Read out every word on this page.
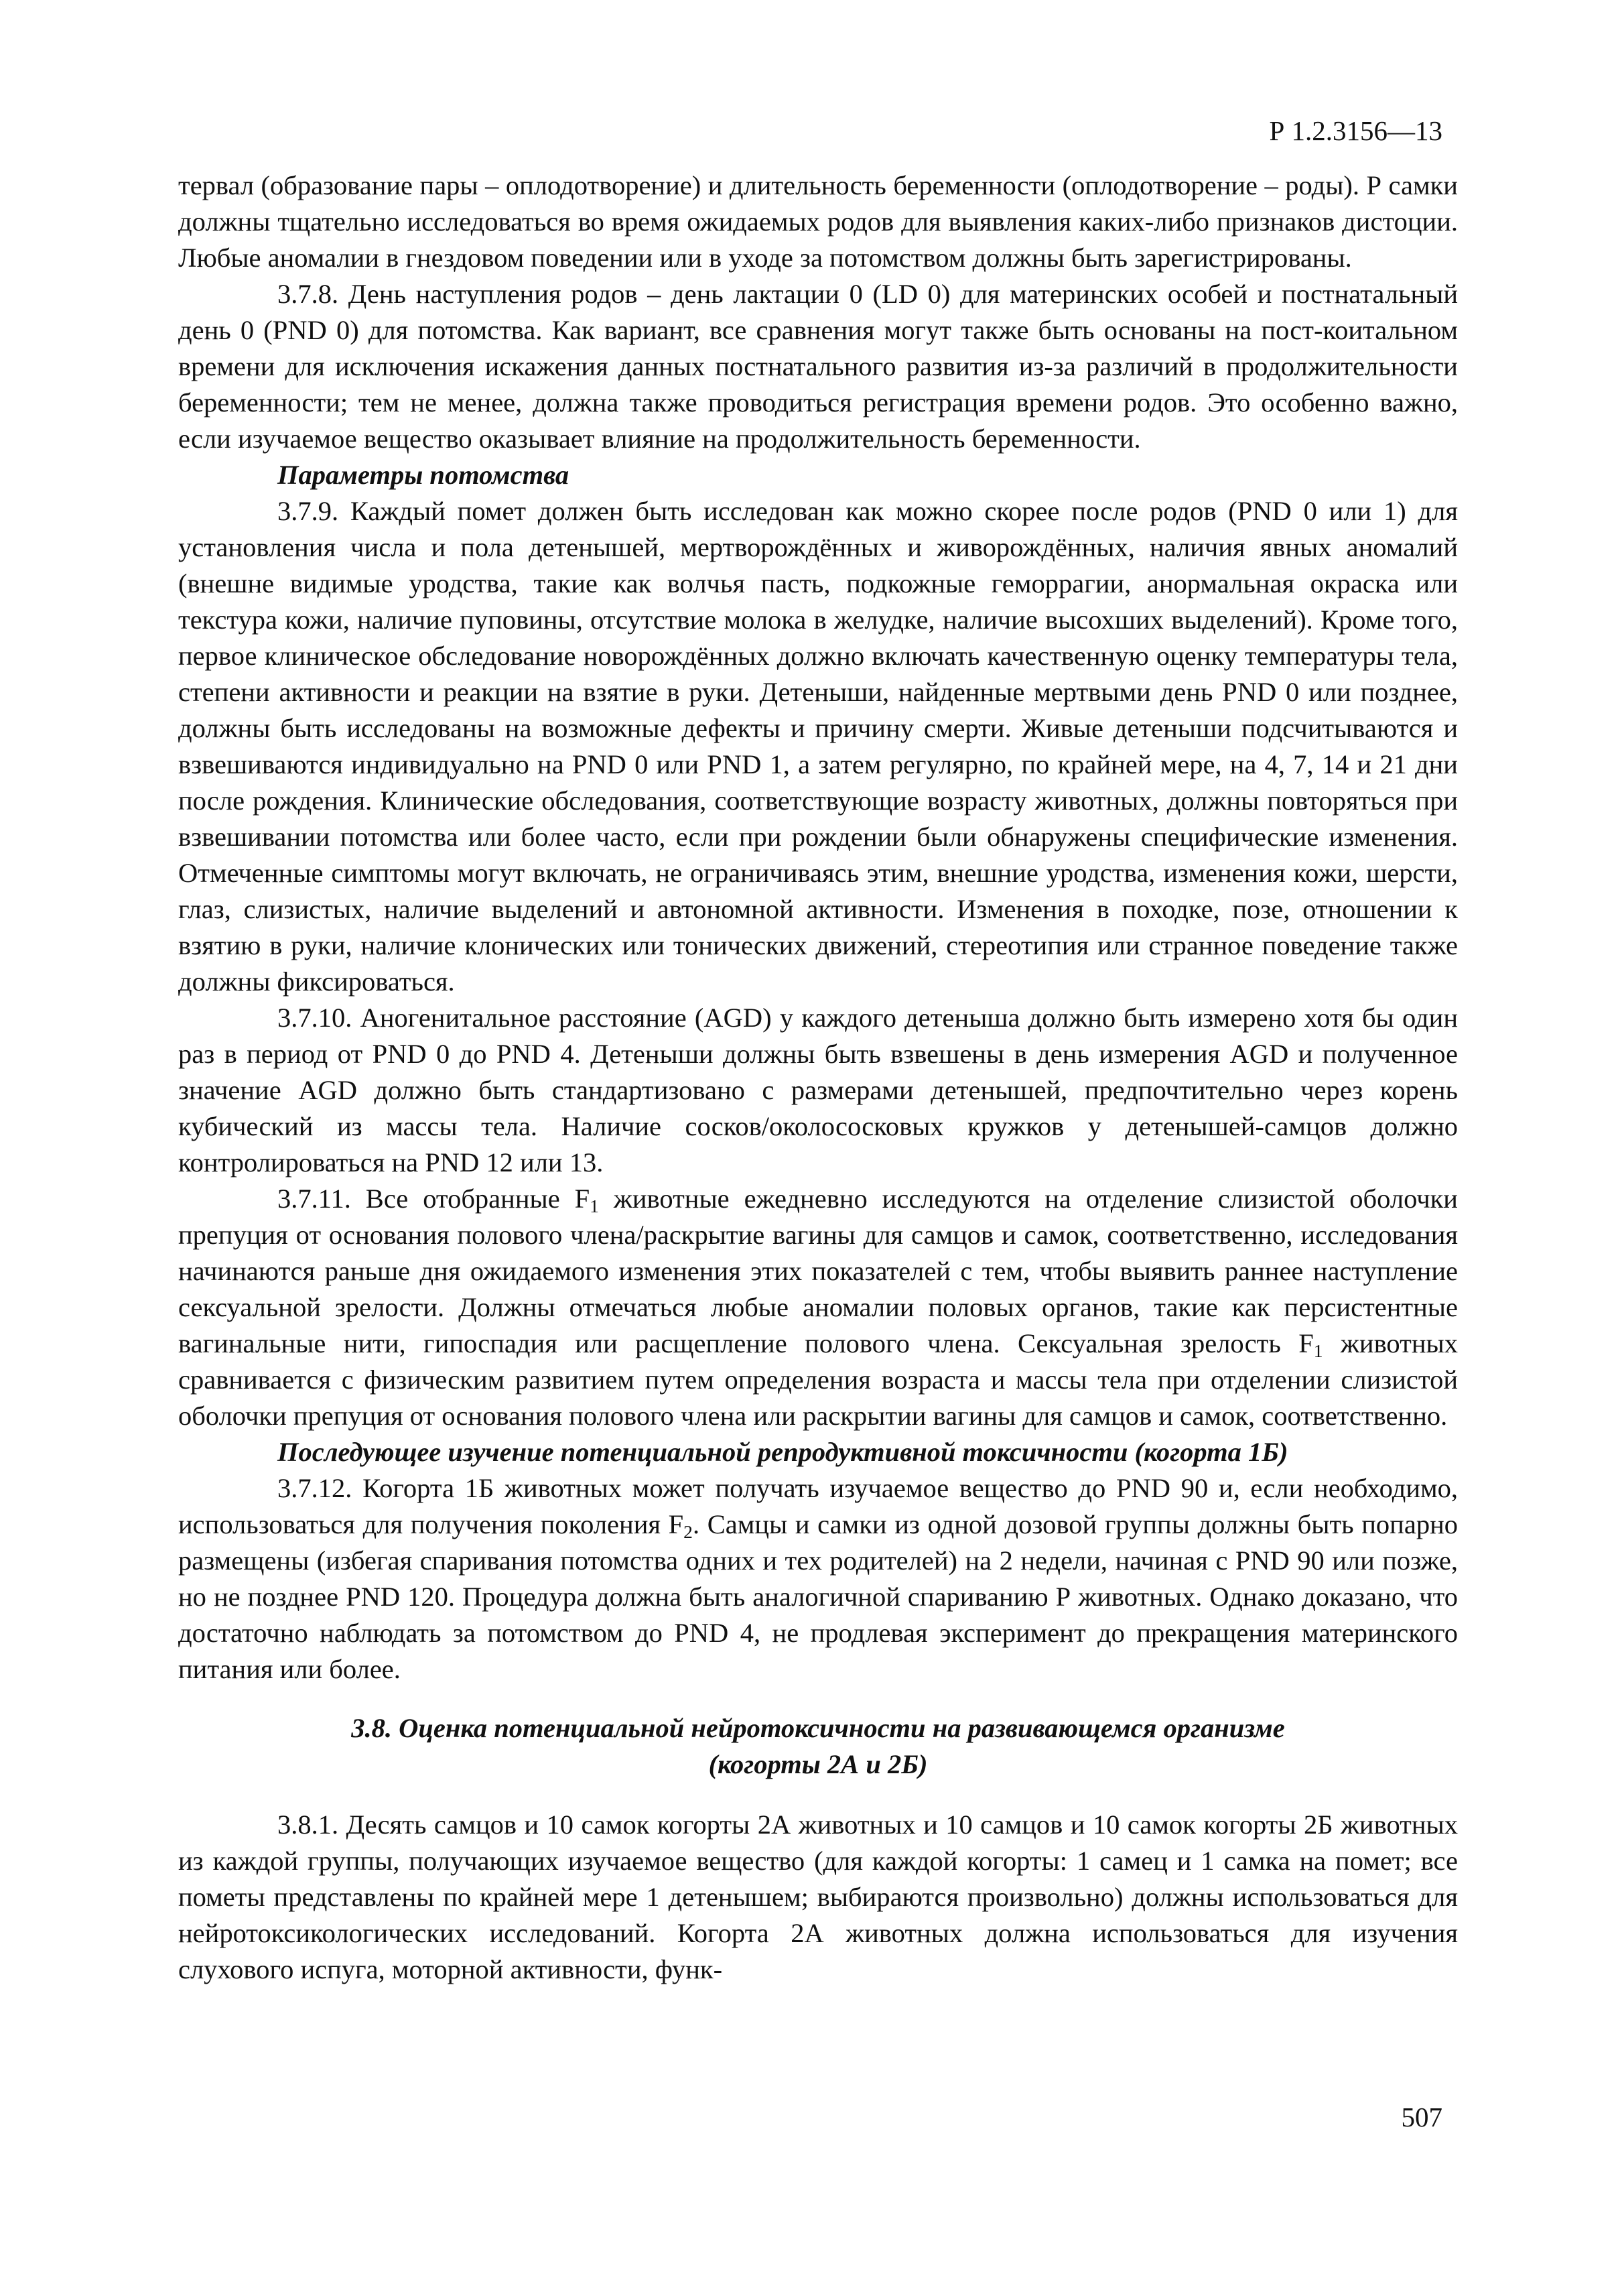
Р 1.2.3156—13

тервал (образование пары – оплодотворение) и длительность беременности (оплодотворение – роды). Р самки должны тщательно исследоваться во время ожидаемых родов для выявления каких-либо признаков дистоции. Любые аномалии в гнездовом поведении или в уходе за потомством должны быть зарегистрированы.

3.7.8. День наступления родов – день лактации 0 (LD 0) для материнских особей и постнатальный день 0 (PND 0) для потомства. Как вариант, все сравнения могут также быть основаны на пост-коитальном времени для исключения искажения данных постнатального развития из-за различий в продолжительности беременности; тем не менее, должна также проводиться регистрация времени родов. Это особенно важно, если изучаемое вещество оказывает влияние на продолжительность беременности.

Параметры потомства

3.7.9. Каждый помет должен быть исследован как можно скорее после родов (PND 0 или 1) для установления числа и пола детенышей, мертворождённых и живорождённых, наличия явных аномалий (внешне видимые уродства, такие как волчья пасть, подкожные геморрагии, анормальная окраска или текстура кожи, наличие пуповины, отсутствие молока в желудке, наличие высохших выделений). Кроме того, первое клиническое обследование новорождённых должно включать качественную оценку температуры тела, степени активности и реакции на взятие в руки. Детеныши, найденные мертвыми день PND 0 или позднее, должны быть исследованы на возможные дефекты и причину смерти. Живые детеныши подсчитываются и взвешиваются индивидуально на PND 0 или PND 1, а затем регулярно, по крайней мере, на 4, 7, 14 и 21 дни после рождения. Клинические обследования, соответствующие возрасту животных, должны повторяться при взвешивании потомства или более часто, если при рождении были обнаружены специфические изменения. Отмеченные симптомы могут включать, не ограничиваясь этим, внешние уродства, изменения кожи, шерсти, глаз, слизистых, наличие выделений и автономной активности. Изменения в походке, позе, отношении к взятию в руки, наличие клонических или тонических движений, стереотипия или странное поведение также должны фиксироваться.

3.7.10. Аногенитальное расстояние (AGD) у каждого детеныша должно быть измерено хотя бы один раз в период от PND 0 до PND 4. Детеныши должны быть взвешены в день измерения AGD и полученное значение AGD должно быть стандартизовано с размерами детенышей, предпочтительно через корень кубический из массы тела. Наличие сосков/околососковых кружков у детенышей-самцов должно контролироваться на PND 12 или 13.

3.7.11. Все отобранные $F_1$ животные ежедневно исследуются на отделение слизистой оболочки препуция от основания полового члена/раскрытие вагины для самцов и самок, соответственно, исследования начинаются раньше дня ожидаемого изменения этих показателей с тем, чтобы выявить раннее наступление сексуальной зрелости. Должны отмечаться любые аномалии половых органов, такие как персистентные вагинальные нити, гипоспадия или расщепление полового члена. Сексуальная зрелость $F_1$ животных сравнивается с физическим развитием путем определения возраста и массы тела при отделении слизистой оболочки препуция от основания полового члена или раскрытии вагины для самцов и самок, соответственно.

Последующее изучение потенциальной репродуктивной токсичности (когорта 1Б)

3.7.12. Когорта 1Б животных может получать изучаемое вещество до PND 90 и, если необходимо, использоваться для получения поколения $F_2$. Самцы и самки из одной дозовой группы должны быть попарно размещены (избегая спаривания потомства одних и тех родителей) на 2 недели, начиная с PND 90 или позже, но не позднее PND 120. Процедура должна быть аналогичной спариванию Р животных. Однако доказано, что достаточно наблюдать за потомством до PND 4, не продлевая эксперимент до прекращения материнского питания или более.

3.8. Оценка потенциальной нейротоксичности на развивающемся организме
(когорты 2А и 2Б)

3.8.1. Десять самцов и 10 самок когорты 2А животных и 10 самцов и 10 самок когорты 2Б животных из каждой группы, получающих изучаемое вещество (для каждой когорты: 1 самец и 1 самка на помет; все пометы представлены по крайней мере 1 детенышем; выбираются произвольно) должны использоваться для нейротоксикологических исследований. Когорта 2А животных должна использоваться для изучения слухового испуга, моторной активности, функ-

507
